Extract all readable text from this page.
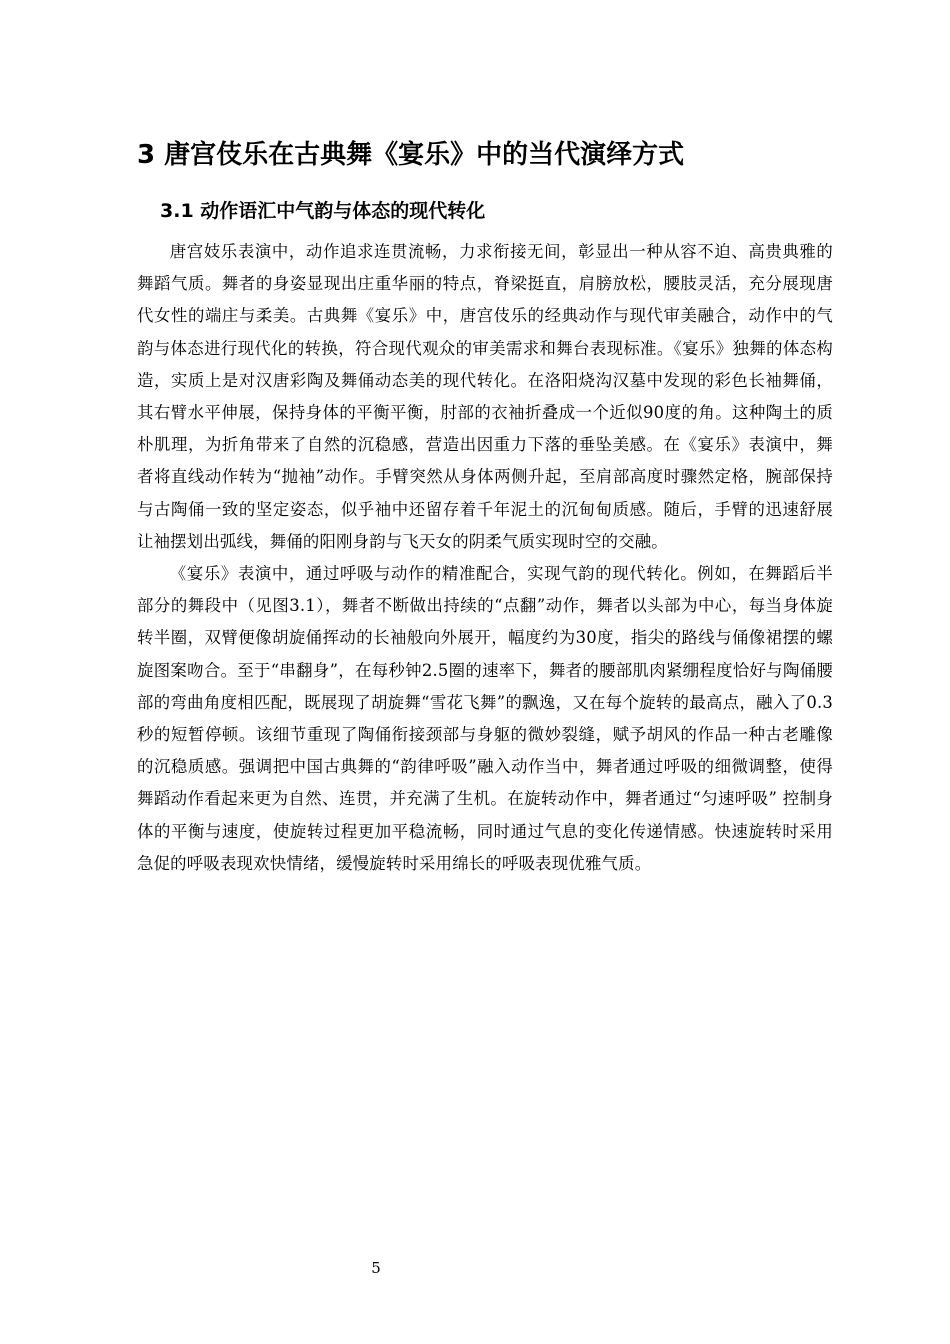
3 唐宫伎乐在古典舞《宴乐》中的当代演绎方式
3.1 动作语汇中气韵与体态的现代转化

唐宫妓乐表演中，动作追求连贯流畅，力求衔接无间，彰显出一种从容不迫、高贵典雅的舞蹈气质。舞者的身姿显现出庄重华丽的特点，脊梁挺直，肩膀放松，腰肢灵活，充分展现唐代女性的端庄与柔美。古典舞《宴乐》中，唐宫伎乐的经典动作与现代审美融合，动作中的气韵与体态进行现代化的转换，符合现代观众的审美需求和舞台表现标准。《宴乐》独舞的体态构造，实质上是对汉唐彩陶及舞俑动态美的现代转化。在洛阳烧沟汉墓中发现的彩色长袖舞俑，其右臂水平伸展，保持身体的平衡平衡，肘部的衣袖折叠成一个近似90度的角。这种陶土的质朴肌理，为折角带来了自然的沉稳感，营造出因重力下落的垂坠美感。在《宴乐》表演中，舞者将直线动作转为“抛袖”动作。手臂突然从身体两侧升起，至肩部高度时骤然定格，腕部保持与古陶俑一致的坚定姿态，似乎袖中还留存着千年泥土的沉甸甸质感。随后，手臂的迅速舒展让袖摆划出弧线，舞俑的阳刚身韵与飞天女的阴柔气质实现时空的交融。

《宴乐》表演中，通过呼吸与动作的精准配合，实现气韵的现代转化。例如，在舞蹈后半部分的舞段中（见图3.1），舞者不断做出持续的“点翻”动作，舞者以头部为中心，每当身体旋转半圈，双臂便像胡旋俑挥动的长袖般向外展开，幅度约为30度，指尖的路线与俑像裙摆的螺旋图案吻合。至于“串翻身”，在每秒钟2.5圈的速率下，舞者的腰部肌肉紧绷程度恰好与陶俑腰部的弯曲角度相匹配，既展现了胡旋舞“雪花飞舞”的飘逸，又在每个旋转的最高点，融入了0.3秒的短暂停顿。该细节重现了陶俑衔接颈部与身躯的微妙裂缝，赋予胡风的作品一种古老雕像的沉稳质感。强调把中国古典舞的“韵律呼吸”融入动作当中，舞者通过呼吸的细微调整，使得舞蹈动作看起来更为自然、连贯，并充满了生机。在旋转动作中，舞者通过“匀速呼吸” 控制身体的平衡与速度，使旋转过程更加平稳流畅，同时通过气息的变化传递情感。快速旋转时采用急促的呼吸表现欢快情绪，缓慢旋转时采用绵长的呼吸表现优雅气质。

5
